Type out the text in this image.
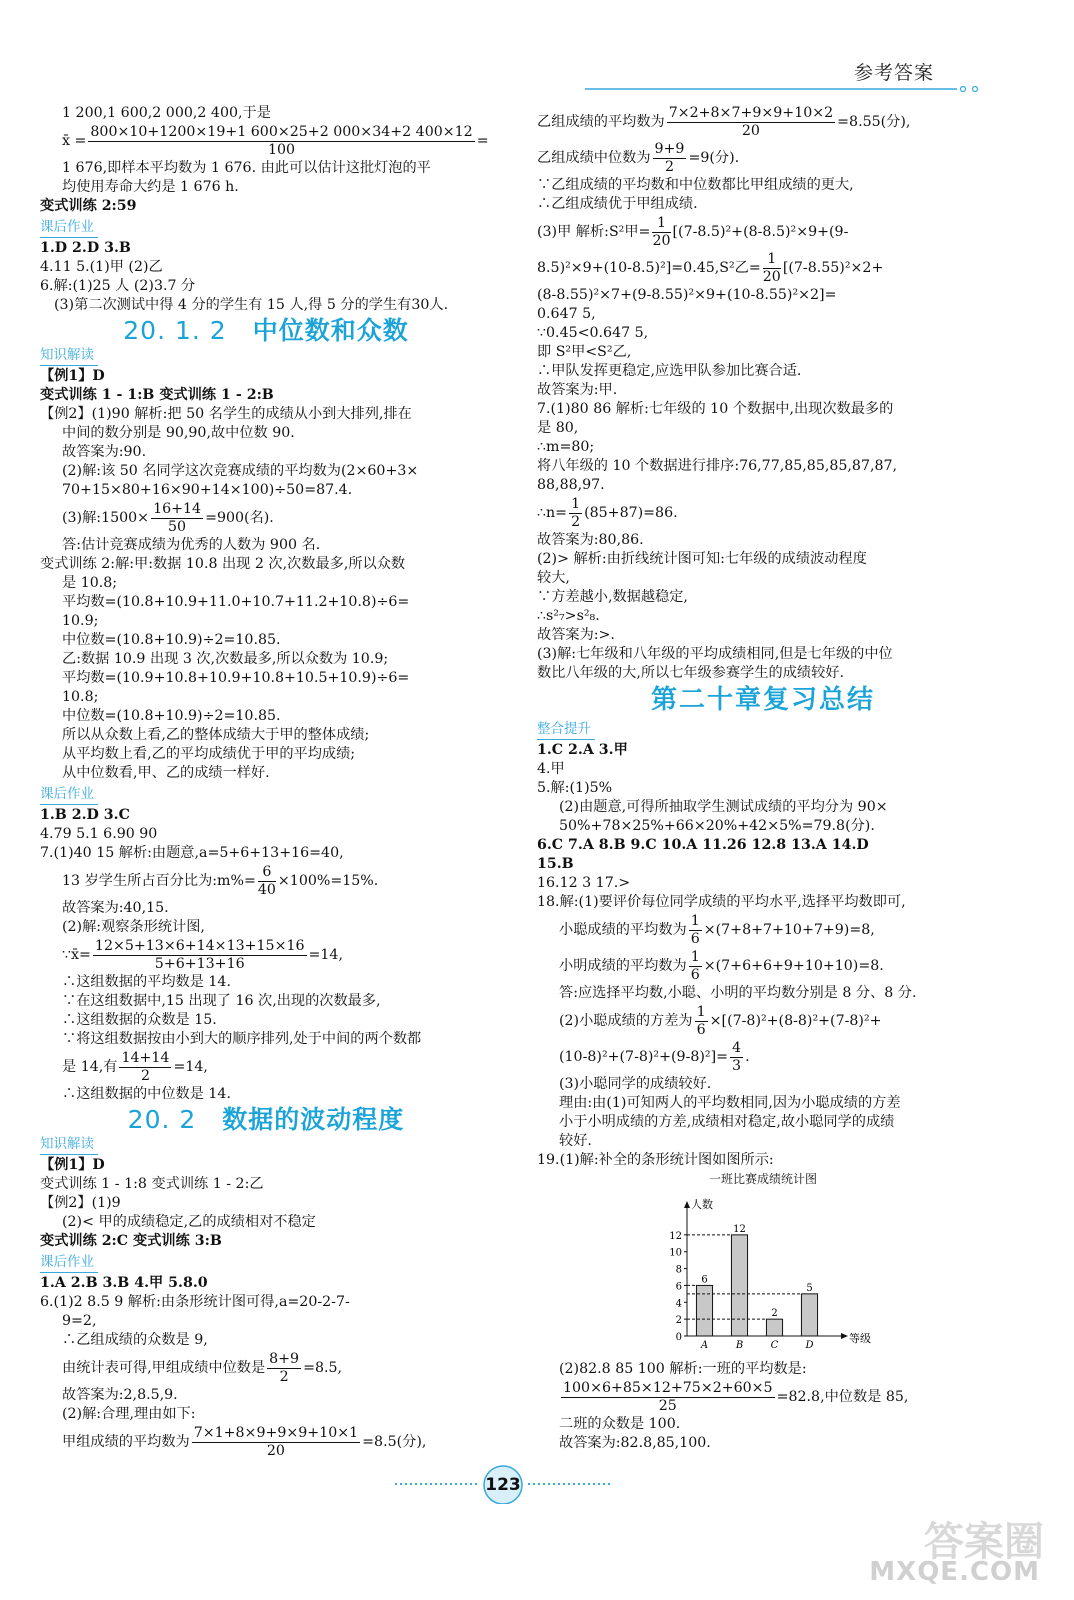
参考答案
1 200,1 600,2 000,2 400,于是
x̄ = $\frac{800\times 10+1200\times 19+1 600\times 25+2 000\times 34+2 400\times 12}{100}$ =
1 676,即样本平均数为 1 676. 由此可以估计这批灯泡的平
均使用寿命大约是 1 676 h.
变式训练 2:59
课后作业
1.D 2.D 3.B
4.11 5.(1)甲 (2)乙
6.解:(1)25 人 (2)3.7 分
(3)第二次测试中得 4 分的学生有 15 人,得 5 分的学生有30人.
20. 1. 2 中位数和众数
知识解读
【例1】D
变式训练 1 - 1:B 变式训练 1 - 2:B
【例2】(1)90 解析:把 50 名学生的成绩从小到大排列,排在
中间的数分别是 90,90,故中位数 90.
故答案为:90.
(2)解:该 50 名同学这次竞赛成绩的平均数为(2×60+3×
70+15×80+16×90+14×100)÷50=87.4.
(3)解:1500× $\frac{16+14}{50} =900$(名).
答:估计竞赛成绩为优秀的人数为 900 名.
变式训练 2:解:甲:数据 10.8 出现 2 次,次数最多,所以众数
是 10.8;
平均数=(10.8+10.9+11.0+10.7+11.2+10.8)÷6=
10.9;
中位数=(10.8+10.9)÷2=10.85.
乙:数据 10.9 出现 3 次,次数最多,所以众数为 10.9;
平均数=(10.9+10.8+10.9+10.8+10.5+10.9)÷6=
10.8;
中位数=(10.8+10.9)÷2=10.85.
所以从众数上看,乙的整体成绩大于甲的整体成绩;
从平均数上看,乙的平均成绩优于甲的平均成绩;
从中位数看,甲、乙的成绩一样好.
课后作业
1.B 2.D 3.C
4.79 5.1 6.90 90
7.(1)40 15 解析:由题意,a=5+6+13+16=40,
13 岁学生所占百分比为:m%= $\frac{6}{40} \times 100\%=15\%$.
故答案为:40,15.
(2)解:观察条形统计图,
∵x̄= $\frac{12\times 5+13\times 6+14\times 13+15\times 16}{5+6+13+16} =14$,
∴这组数据的平均数是 14.
∵在这组数据中,15 出现了 16 次,出现的次数最多,
∴这组数据的众数是 15.
∵将这组数据按由小到大的顺序排列,处于中间的两个数都
是 14,有 $\frac{14+14}{2} =14$,
∴这组数据的中位数是 14.
20. 2 数据的波动程度
知识解读
【例1】D
变式训练 1 - 1:8 变式训练 1 - 2:乙
【例2】(1)9
(2)< 甲的成绩稳定,乙的成绩相对不稳定
变式训练 2:C 变式训练 3:B
课后作业
1.A 2.B 3.B 4.甲 5.8.0
6.(1)2 8.5 9 解析:由条形统计图可得,a=20-2-7-
9=2,
∴乙组成绩的众数是 9,
由统计表可得,甲组成绩中位数是 $\frac{8+9}{2} =8.5$,
故答案为:2,8.5,9.
(2)解:合理,理由如下:
甲组成绩的平均数为 $\frac{7\times 1+8\times 9+9\times 9+10\times 1}{20} =8.5$(分),
乙组成绩的平均数为 $\frac{7\times 2+8\times 7+9\times 9+10\times 2}{20} =8.55$(分),
乙组成绩中位数为 $\frac{9+9}{2} =9$(分).
∵乙组成绩的平均数和中位数都比甲组成绩的更大,
∴乙组成绩优于甲组成绩.
(3)甲 解析:S²甲= $\frac{1}{20} [(7-8.5)^2+(8-8.5)^2\times 9+(9-$
8.5)²×9+(10-8.5)²]=0.45,S²乙= $\frac{1}{20} [(7-8.55)^2\times 2+$
(8-8.55)²×7+(9-8.55)²×9+(10-8.55)²×2]=
0.647 5,
∵0.45<0.647 5,
即 S²甲<S²乙,
∴甲队发挥更稳定,应选甲队参加比赛合适.
故答案为:甲.
7.(1)80 86 解析:七年级的 10 个数据中,出现次数最多的
是 80,
∴m=80;
将八年级的 10 个数据进行排序:76,77,85,85,85,87,87,
88,88,97.
∴n= $\frac{1}{2} (85+87)=86$.
故答案为:80,86.
(2)> 解析:由折线统计图可知:七年级的成绩波动程度
较大,
∵方差越小,数据越稳定,
∴s²₇>s²₈.
故答案为:>.
(3)解:七年级和八年级的平均成绩相同,但是七年级的中位
数比八年级的大,所以七年级参赛学生的成绩较好.
第二十章复习总结
整合提升
1.C 2.A 3.甲
4.甲
5.解:(1)5%
(2)由题意,可得所抽取学生测试成绩的平均分为 90×
50%+78×25%+66×20%+42×5%=79.8(分).
6.C 7.A 8.B 9.C 10.A 11.26 12.8 13.A 14.D
15.B
16.12 3 17.>
18.解:(1)要评价每位同学成绩的平均水平,选择平均数即可,
小聪成绩的平均数为 $\frac{1}{6} \times(7+8+7+10+7+9)=8$,
小明成绩的平均数为 $\frac{1}{6} \times(7+6+6+9+10+10)=8$.
答:应选择平均数,小聪、小明的平均数分别是 8 分、8 分.
(2)小聪成绩的方差为 $\frac{1}{6} \times[(7-8)^2+(8-8)^2+(7-8)^2+$
$(10-8)^2+(7-8)^2+(9-8)^2]= \frac{4}{3}$ .
(3)小聪同学的成绩较好.
理由:由(1)可知两人的平均数相同,因为小聪成绩的方差
小于小明成绩的方差,成绩相对稳定,故小聪同学的成绩
较好.
19.(1)解:补全的条形统计图如图所示:
一班比赛成绩统计图
人数
等级
0
2
4
6
8
10
12
6
A
12
B
2
C
5
D
(2)82.8 85 100 解析:一班的平均数是:
$\frac{100\times 6+85\times 12+75\times 2+60\times 5}{25} =82.8$,中位数是 85,
二班的众数是 100.
故答案为:82.8,85,100.
123
答案圈
MXQE.COM
